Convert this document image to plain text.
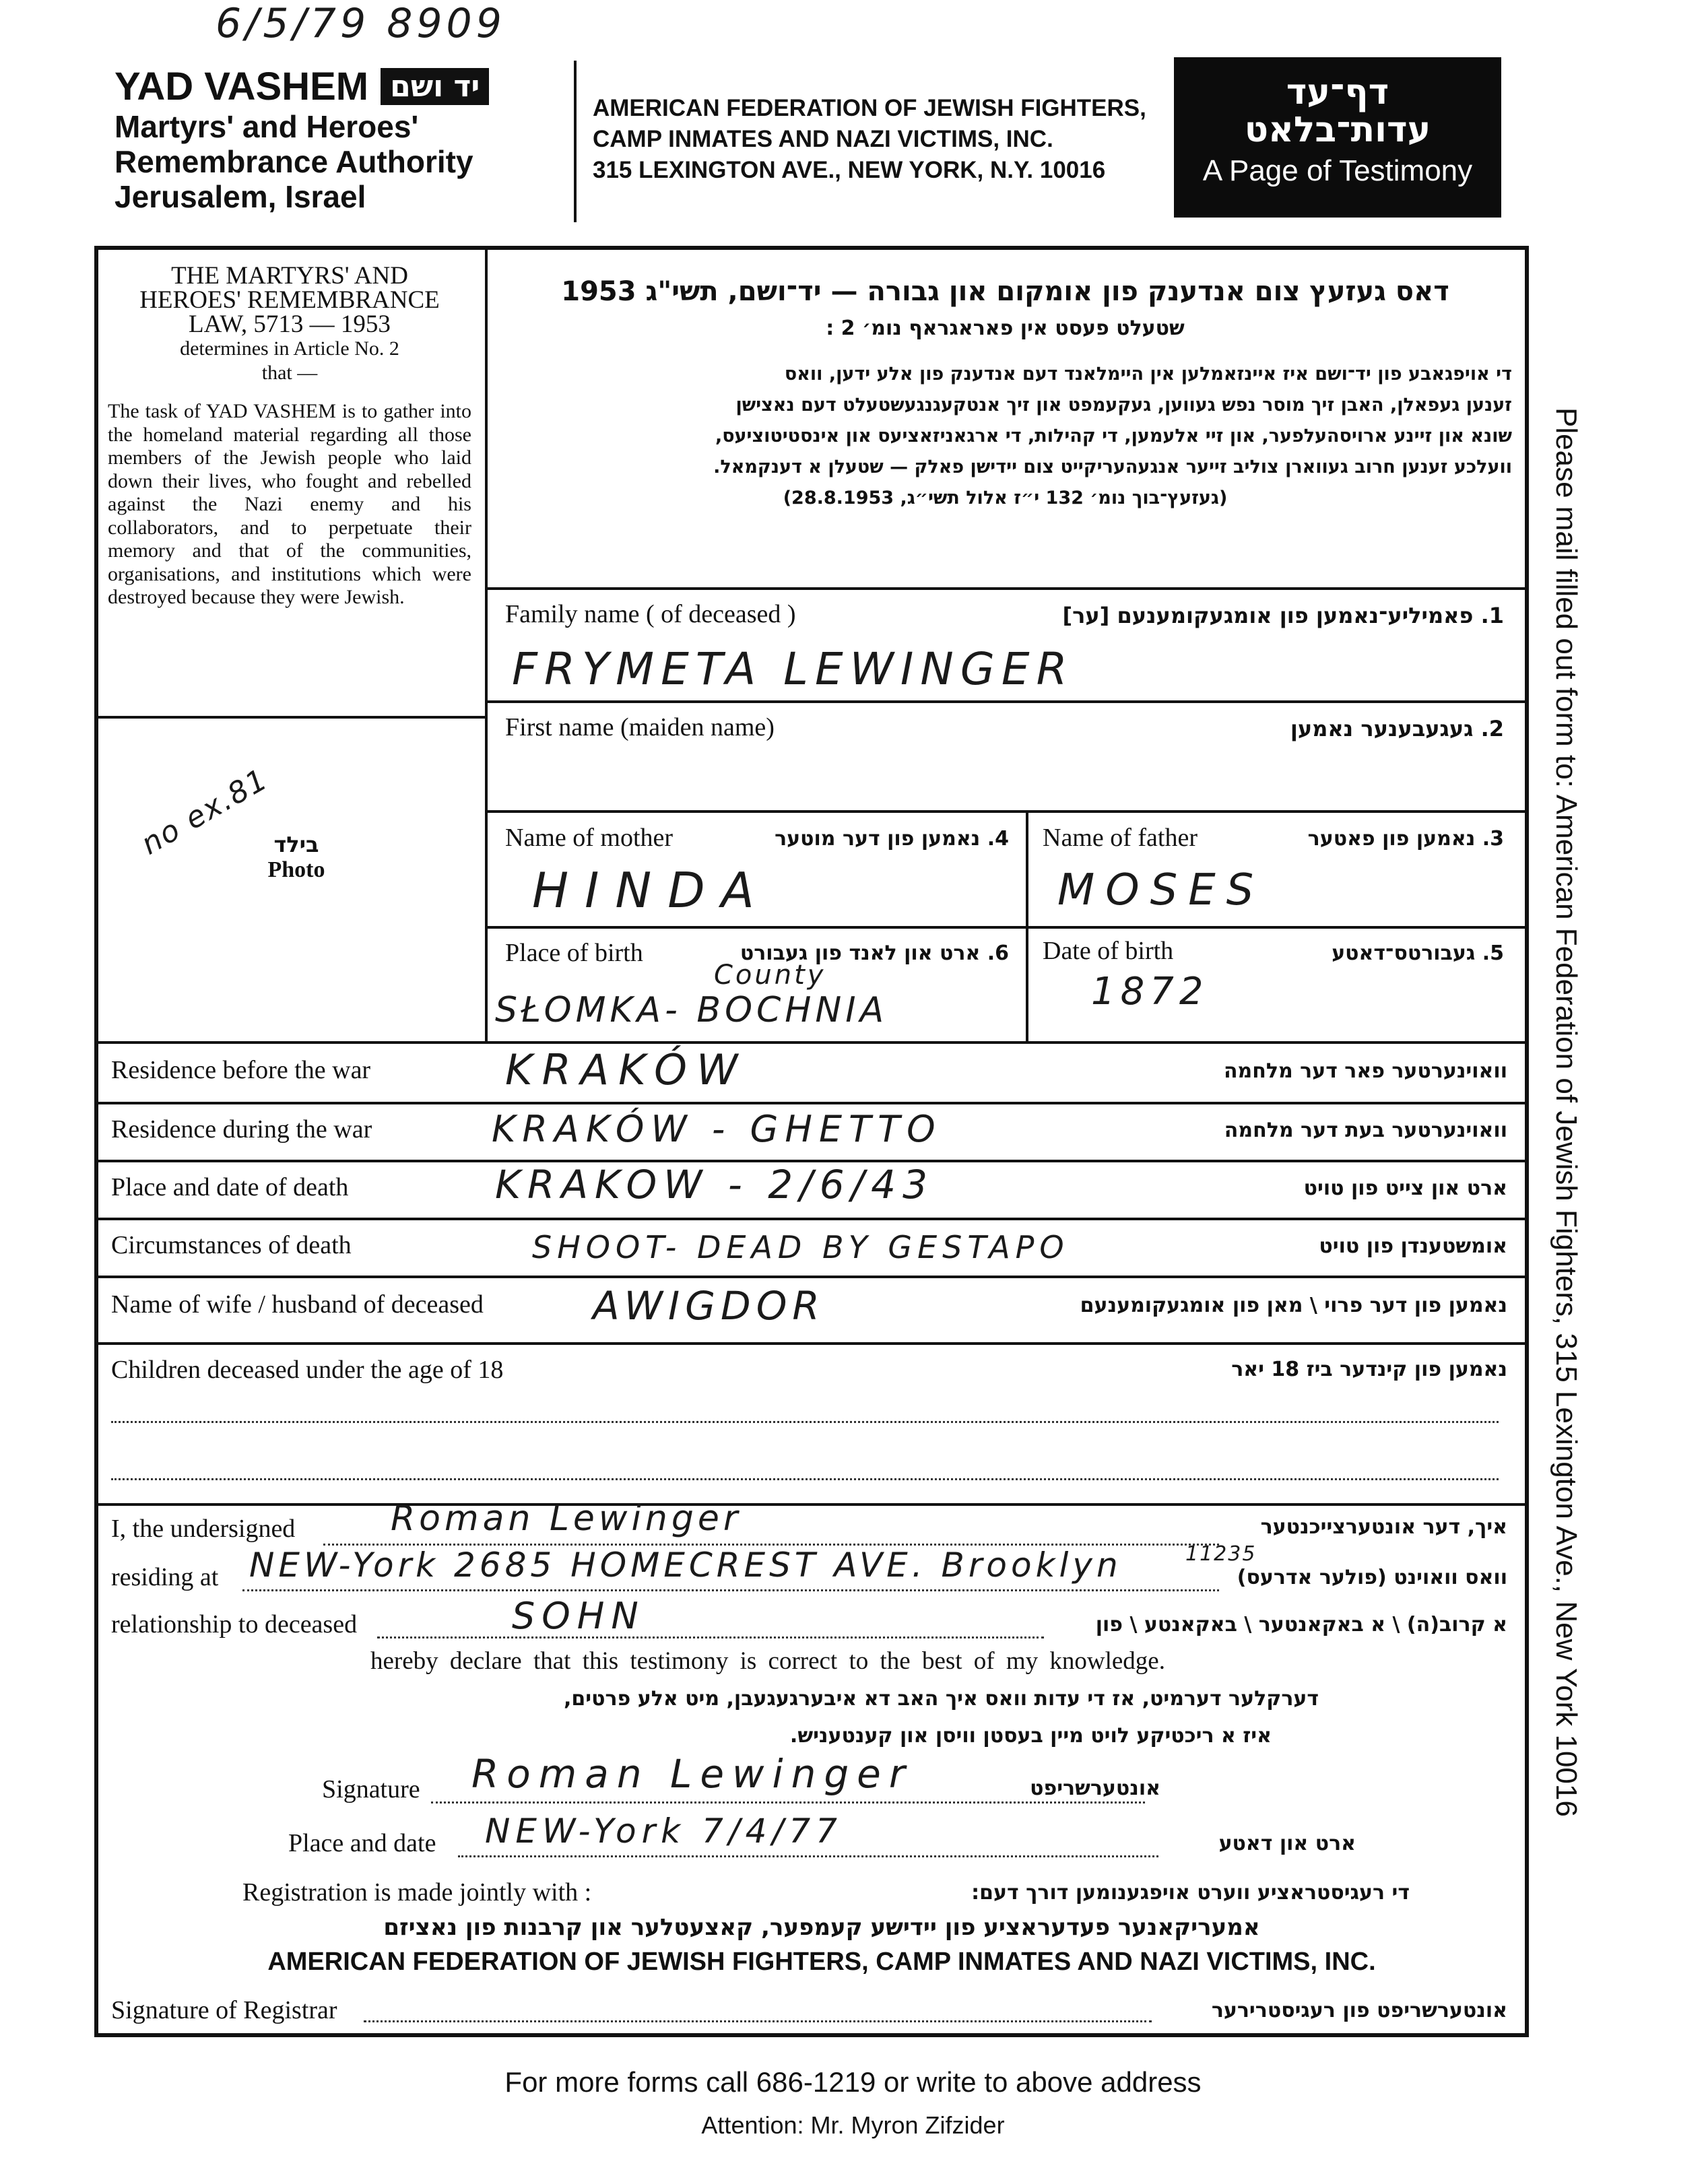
6/5/79 8909
YAD VASHEM יד ושם
Martyrs' and Heroes'
Remembrance Authority
Jerusalem, Israel
AMERICAN FEDERATION OF JEWISH FIGHTERS,
CAMP INMATES AND NAZI VICTIMS, INC.
315 LEXINGTON AVE., NEW YORK, N.Y. 10016
דף־עד
עדות־בלאט
A Page of Testimony
THE MARTYRS' AND
HEROES' REMEMBRANCE
LAW, 5713 — 1953
determines in Article No. 2
that —
The task of YAD VASHEM is to gather into the homeland material regarding all those members of the Jewish people who laid down their lives, who fought and rebelled against the Nazi enemy and his collaborators, and to perpetuate their memory and that of the communities, organisations, and institutions which were destroyed because they were Jewish.
no ex.81 בילד
Photo
דאס געזעץ צום אנדענק פון אומקום און גבורה — יד־ושם, תשי"ג 1953
שטעלט פעסט אין פאראגראף נומ׳ 2 :
די אויפגאבע פון יד־ושם איז איינזאמלען אין היימלאנד דעם אנדענק פון אלע ידען, וואס
זענען געפאלן, האבן זיך מוסר נפש געווען, געקעמפט און זיך אנטקעגנגעשטעלט דעם נאצישן
שונא און זיינע ארויסהעלפער, און זיי אלעמען, די קהילות, די ארגאניזאציעס און אינסטיטוציעס,
וועלכע זענען חרוב געווארן צוליב זייער אנגעהעריקייט צום יידישן פאלק — שטעלן א דענקמאל.
(געזעץ־בוך נומ׳ 132 י״ז אלול תשי״ג, 28.8.1953)
Family name ( of deceased )	1. פאמיליע־נאמען פון אומגעקומענעם [ער]
FRYMETA LEWINGER
First name (maiden name)	2. געגעבענער נאמען
Name of mother	4. נאמען פון דער מוטער
HINDA
Name of father	3. נאמען פון פאטער
MOSES
Place of birth	6. ארט און לאנד פון געבורט
County
SŁOMKA- BOCHNIA
Date of birth	5. געבורטס־דאטע
1872
Residence before the war	KRAKÓW	וואוינערטער פאר דער מלחמה
Residence during the war	KRAKÓW - GHETTO	וואוינערטער בעת דער מלחמה
Place and date of death	KRAKOW - 2/6/43	ארט און צייט פון טויט
Circumstances of death	SHOOT- DEAD BY GESTAPO	אומשטענדן פון טויט
Name of wife / husband of deceased	AWIGDOR	נאמען פון דער פרוי \ מאן פון אומגעקומענעם
Children deceased under the age of 18	נאמען פון קינדער ביז 18 יאר
I, the undersigned	Roman Lewinger	איך, דער אונטערצייכנטער
residing at NEW-York 2685 HOMECREST AVE. Brooklyn	11235
וואס וואוינט (פולער אדרעס)
relationship to deceased	SOHN	א קרוב(ה) \ א באקאנטער \ באקאנטע \ פון
hereby declare that this testimony is correct to the best of my knowledge.
דערקלער דערמיט, אז די עדות וואס איך האב דא איבערגעגעבן, מיט אלע פרטים,
איז א ריכטיקע לויט מיין בעסטן וויסן און קענטעניש.
Signature Roman Lewinger	אונטערשריפט
Place and date NEW-York 7/4/77	ארט און דאטע
Registration is made jointly with :	די רעגיסטראציע ווערט אויפגענומען דורך דעם:
אמעריקאנער פעדעראציע פון יידישע קעמפער, קאצעטלער און קרבנות פון נאציזם
AMERICAN FEDERATION OF JEWISH FIGHTERS, CAMP INMATES AND NAZI VICTIMS, INC.
Signature of Registrar	אונטערשריפט פון רעגיסטרירער
Please mail filled out form to: American Federation of Jewish Fighters, 315 Lexington Ave., New York 10016
For more forms call 686-1219 or write to above address
Attention: Mr. Myron Zifzider
